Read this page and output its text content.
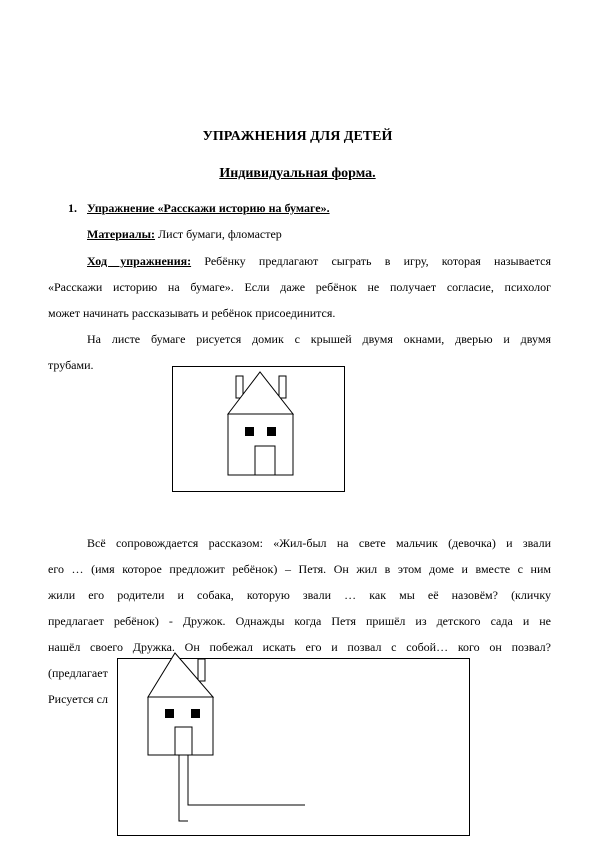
УПРАЖНЕНИЯ ДЛЯ ДЕТЕЙ
Индивидуальная форма.
1. Упражнение «Расскажи историю на бумаге».
Материалы: Лист бумаги, фломастер
Ход упражнения: Ребёнку предлагают сыграть в игру, которая называется
«Расскажи историю на бумаге». Если даже ребёнок не получает согласие, психолог
может начинать рассказывать и ребёнок присоединится.
На листе бумаге рисуется домик с крышей двумя окнами, дверью и двумя
трубами.
Всё сопровождается рассказом: «Жил-был на свете мальчик (девочка) и звали
его … (имя которое предложит ребёнок) – Петя. Он жил в этом доме и вместе с ним
жили его родители и собака, которую звали … как мы её назовём? (кличку
предлагает ребёнок) - Дружок. Однажды когда Петя пришёл из детского сада и не
нашёл своего Дружка. Он побежал искать его и позвал с собой… кого он позвал?
(предлагает
Рисуется сл
